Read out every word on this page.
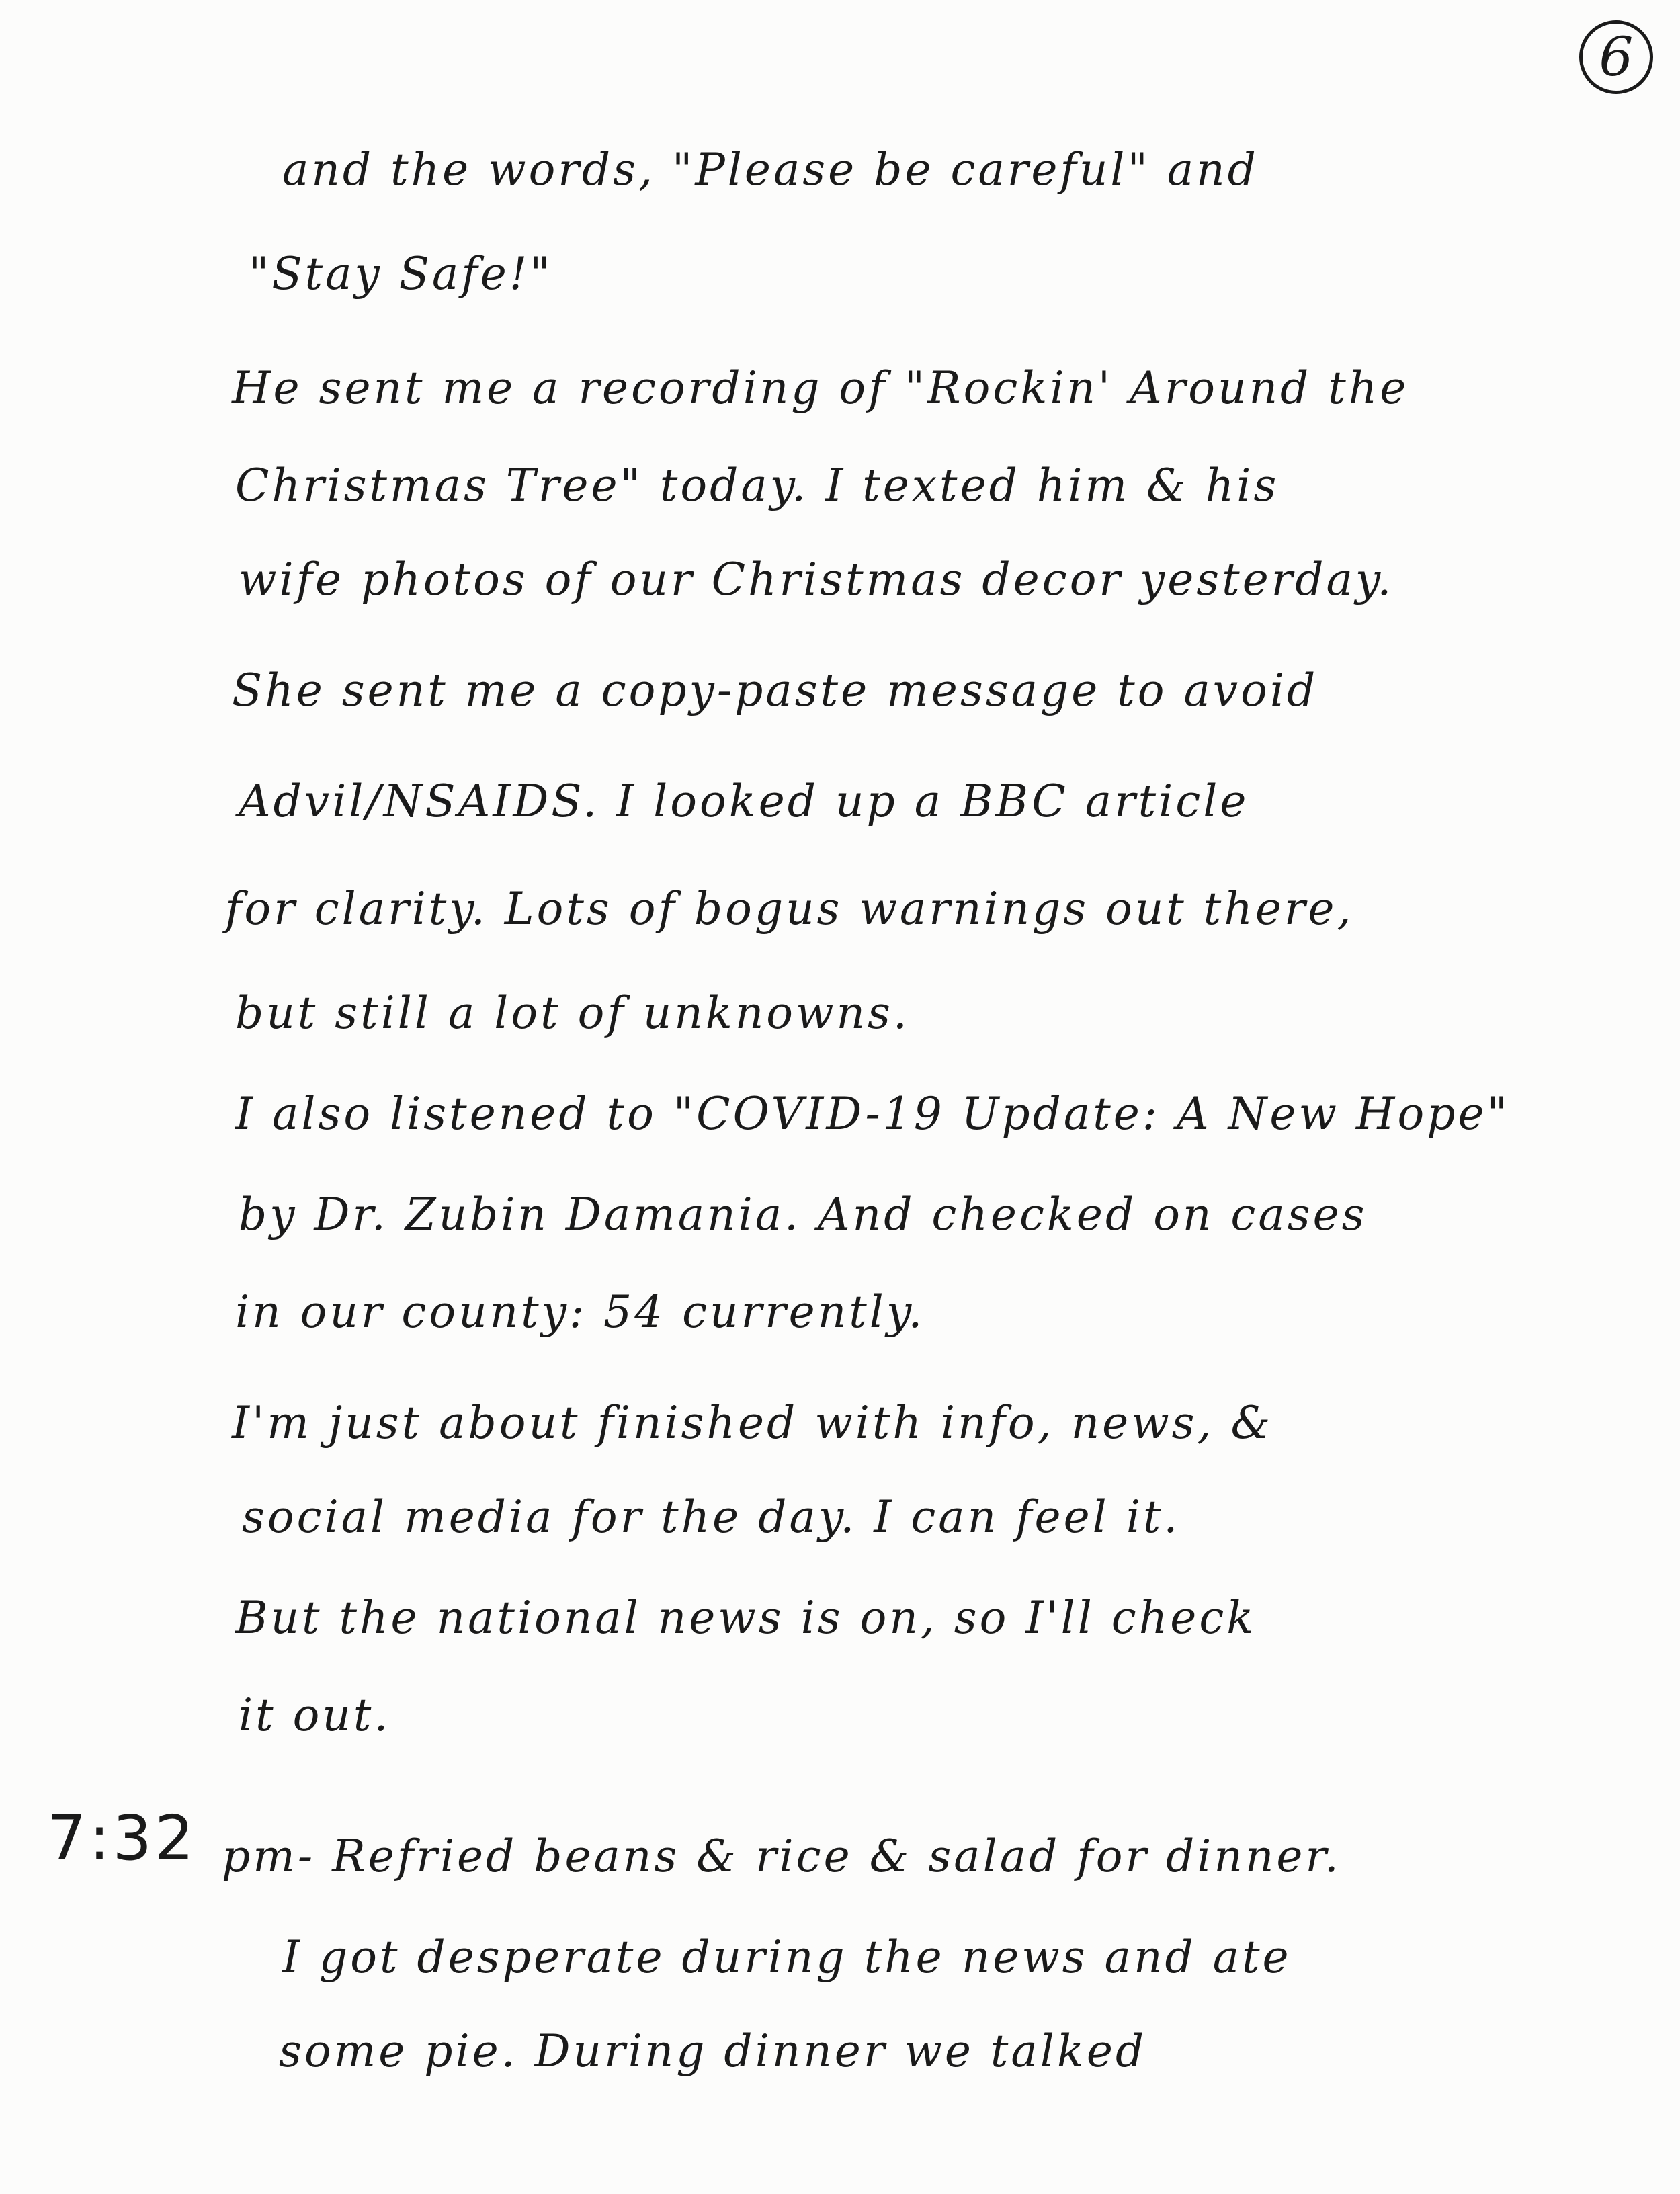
6
and the words, "Please be careful" and
"Stay Safe!"
He sent me a recording of "Rockin' Around the
Christmas Tree" today. I texted him & his
wife photos of our Christmas decor yesterday.
She sent me a copy-paste message to avoid
Advil/NSAIDS. I looked up a BBC article
for clarity. Lots of bogus warnings out there,
but still a lot of unknowns.
I also listened to "COVID-19 Update: A New Hope"
by Dr. Zubin Damania. And checked on cases
in our county: 54 currently.
I'm just about finished with info, news, &
social media for the day. I can feel it.
But the national news is on, so I'll check
it out.
7:32 pm- Refried beans & rice & salad for dinner.
I got desperate during the news and ate
some pie. During dinner we talked
